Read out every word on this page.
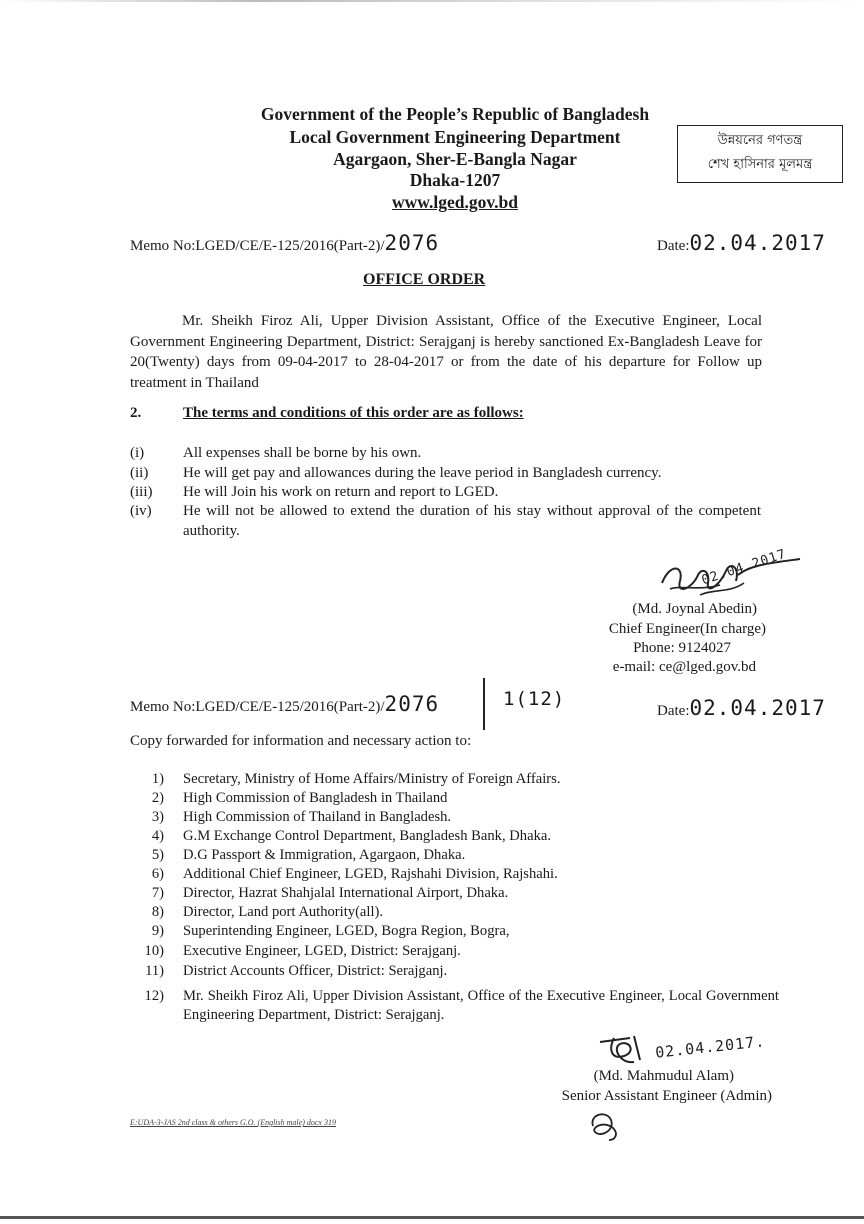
Government of the People’s Republic of Bangladesh
Local Government Engineering Department
Agargaon, Sher-E-Bangla Nagar
Dhaka-1207
www.lged.gov.bd
উন্নয়নের গণতন্ত্র
শেখ হাসিনার মূলমন্ত্র
Memo No:LGED/CE/E-125/2016(Part-2)/2076	Date:02.04.2017
OFFICE ORDER
Mr. Sheikh Firoz Ali, Upper Division Assistant, Office of the Executive Engineer, Local Government Engineering Department, District: Serajganj is hereby sanctioned Ex-Bangladesh Leave for 20(Twenty) days from 09-04-2017 to 28-04-2017 or from the date of his departure for Follow up treatment in Thailand
2.	The terms and conditions of this order are as follows:
(i)	All expenses shall be borne by his own.
(ii) He will get pay and allowances during the leave period in Bangladesh currency.
(iii) He will Join his work on return and report to LGED.
(iv) He will not be allowed to extend the duration of his stay without approval of the competent authority.
02.04.2017
(Md. Joynal Abedin)
Chief Engineer(In charge)
Phone: 9124027
e-mail: ce@lged.gov.bd
Memo No:LGED/CE/E-125/2016(Part-2)/2076	1(12)
Date:02.04.2017
Copy forwarded for information and necessary action to:
1) Secretary, Ministry of Home Affairs/Ministry of Foreign Affairs.
2) High Commission of Bangladesh in Thailand
3) High Commission of Thailand in Bangladesh.
4) G.M Exchange Control Department, Bangladesh Bank, Dhaka.
5) D.G Passport & Immigration, Agargaon, Dhaka.
6) Additional Chief Engineer, LGED, Rajshahi Division, Rajshahi.
7) Director, Hazrat Shahjalal International Airport, Dhaka.
8) Director, Land port Authority(all).
9) Superintending Engineer, LGED, Bogra Region, Bogra,
10) Executive Engineer, LGED, District: Serajganj.
11) District Accounts Officer, District: Serajganj.
12) Mr. Sheikh Firoz Ali, Upper Division Assistant, Office of the Executive Engineer, Local Government Engineering Department, District: Serajganj.
02.04.2017.
(Md. Mahmudul Alam)
Senior Assistant Engineer (Admin)
E:UDA-3-JAS 2nd class & others G.O. (English male) docx 319
